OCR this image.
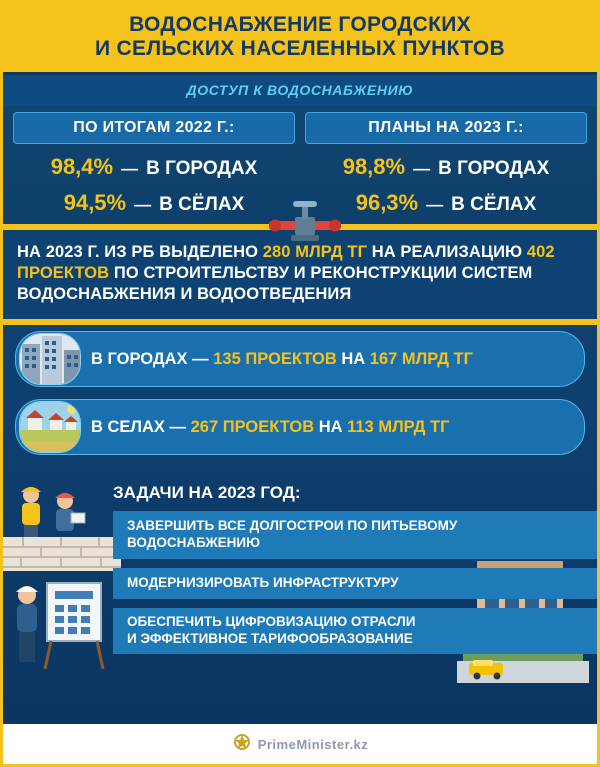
ВОДОСНАБЖЕНИЕ ГОРОДСКИХ
И СЕЛЬСКИХ НАСЕЛЕННЫХ ПУНКТОВ
ДОСТУП К ВОДОСНАБЖЕНИЮ
ПО ИТОГАМ 2022 Г.:
98,4% — В ГОРОДАХ
94,5% — В СЁЛАХ
ПЛАНЫ НА 2023 Г.:
98,8% — В ГОРОДАХ
96,3% — В СЁЛАХ

НА 2023 Г. ИЗ РБ ВЫДЕЛЕНО 280 МЛРД ТГ НА РЕАЛИЗАЦИЮ 402 ПРОЕКТОВ ПО СТРОИТЕЛЬСТВУ И РЕКОНСТРУКЦИИ СИСТЕМ ВОДОСНАБЖЕНИЯ И ВОДООТВЕДЕНИЯ

В ГОРОДАХ — 135 ПРОЕКТОВ НА 167 МЛРД ТГ
В СЕЛАХ — 267 ПРОЕКТОВ НА 113 МЛРД ТГ
ЗАДАЧИ НА 2023 ГОД:
ЗАВЕРШИТЬ ВСЕ ДОЛГОСТРОИ ПО ПИТЬЕВОМУ ВОДОСНАБЖЕНИЮ
МОДЕРНИЗИРОВАТЬ ИНФРАСТРУКТУРУ
ОБЕСПЕЧИТЬ ЦИФРОВИЗАЦИЮ ОТРАСЛИ
И ЭФФЕКТИВНОЕ ТАРИФООБРАЗОВАНИЕ
PrimeMinister.kz
